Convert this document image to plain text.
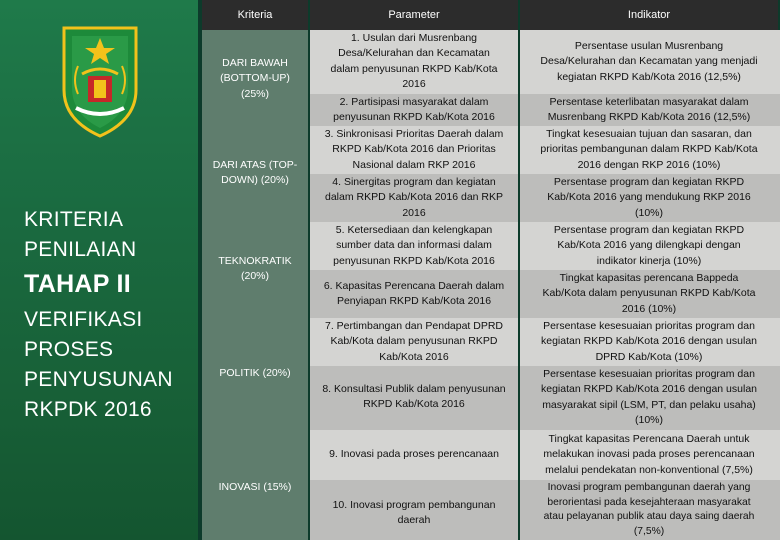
KRITERIA
PENILAIAN
TAHAP II
VERIFIKASI
PROSES
PENYUSUNAN
RKPDK 2016
Kriteria	Parameter	Indikator
DARI BAWAH
(BOTTOM-UP)
(25%)
DARI ATAS (TOP-
DOWN) (20%)
TEKNOKRATIK
(20%)
POLITIK (20%)
INOVASI (15%)
1. Usulan dari Musrenbang
Desa/Kelurahan dan Kecamatan
dalam penyusunan RKPD Kab/Kota
2016
Persentase usulan Musrenbang
Desa/Kelurahan dan Kecamatan yang menjadi
kegiatan RKPD Kab/Kota 2016 (12,5%)
2. Partisipasi masyarakat dalam
penyusunan RKPD Kab/Kota 2016
Persentase keterlibatan masyarakat dalam
Musrenbang RKPD Kab/Kota 2016 (12,5%)
3. Sinkronisasi Prioritas Daerah dalam
RKPD Kab/Kota 2016 dan Prioritas
Nasional dalam RKP 2016
Tingkat kesesuaian tujuan dan sasaran, dan
prioritas pembangunan dalam RKPD Kab/Kota
2016 dengan RKP 2016 (10%)
4. Sinergitas program dan kegiatan
dalam RKPD Kab/Kota 2016 dan RKP
2016
Persentase program dan kegiatan RKPD
Kab/Kota 2016 yang mendukung RKP 2016
(10%)
5. Ketersediaan dan kelengkapan
sumber data dan informasi dalam
penyusunan RKPD Kab/Kota 2016
Persentase program dan kegiatan RKPD
Kab/Kota 2016 yang dilengkapi dengan
indikator kinerja (10%)
6. Kapasitas Perencana Daerah dalam
Penyiapan RKPD Kab/Kota 2016
Tingkat kapasitas perencana Bappeda
Kab/Kota dalam penyusunan RKPD Kab/Kota
2016 (10%)
7. Pertimbangan dan Pendapat DPRD
Kab/Kota dalam penyusunan RKPD
Kab/Kota 2016
Persentase kesesuaian prioritas program dan
kegiatan RKPD Kab/Kota 2016 dengan usulan
DPRD Kab/Kota (10%)
8. Konsultasi Publik dalam penyusunan
RKPD Kab/Kota 2016
Persentase kesesuaian prioritas program dan
kegiatan RKPD Kab/Kota 2016 dengan usulan
masyarakat sipil (LSM, PT, dan pelaku usaha)
(10%)
9. Inovasi pada proses perencanaan
Tingkat kapasitas Perencana Daerah untuk
melakukan inovasi pada proses perencanaan
melalui pendekatan non-konventional (7,5%)
10. Inovasi program pembangunan
daerah
Inovasi program pembangunan daerah yang
berorientasi pada kesejahteraan masyarakat
atau pelayanan publik atau daya saing daerah
(7,5%)
